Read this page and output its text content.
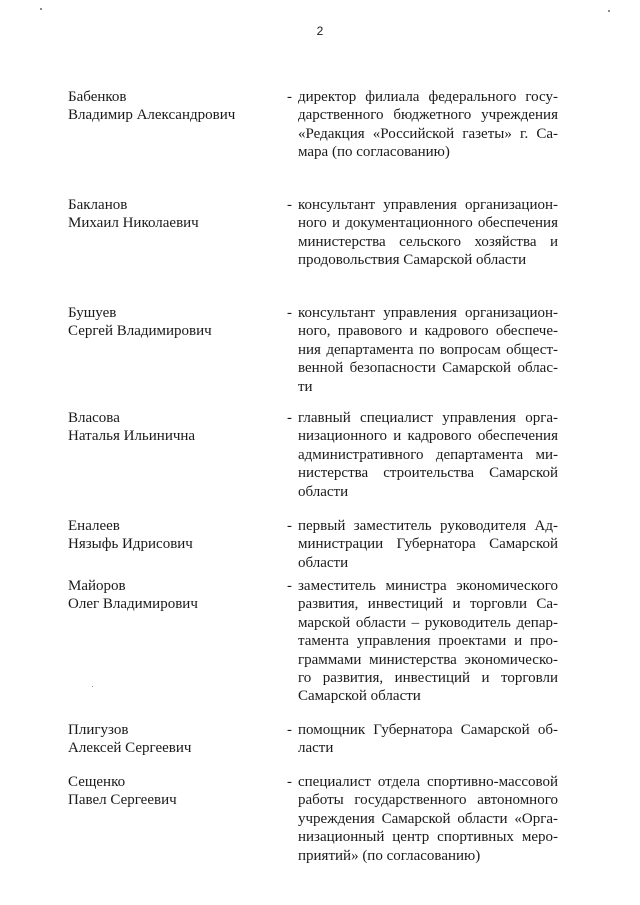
2
Бабенков
Владимир Александрович
- директор филиала федерального госу-
дарственного бюджетного учреждения
«Редакция «Российской газеты» г. Са-
мара (по согласованию)
Бакланов
Михаил Николаевич
- консультант управления организацион-
ного и документационного обеспечения
министерства сельского хозяйства и
продовольствия Самарской области
Бушуев
Сергей Владимирович
- консультант управления организацион-
ного, правового и кадрового обеспече-
ния департамента по вопросам общест-
венной безопасности Самарской облас-
ти
Власова
Наталья Ильинична
- главный специалист управления орга-
низационного и кадрового обеспечения
административного департамента ми-
нистерства строительства Самарской
области
Еналеев
Нязыфь Идрисович
- первый заместитель руководителя Ад-
министрации Губернатора Самарской
области
Майоров
Олег Владимирович
- заместитель министра экономического
развития, инвестиций и торговли Са-
марской области – руководитель депар-
тамента управления проектами и про-
граммами министерства экономическо-
го развития, инвестиций и торговли
Самарской области
Плигузов
Алексей Сергеевич
- помощник Губернатора Самарской об-
ласти
Сещенко
Павел Сергеевич
- специалист отдела спортивно-массовой
работы государственного автономного
учреждения Самарской области «Орга-
низационный центр спортивных меро-
приятий» (по согласованию)
